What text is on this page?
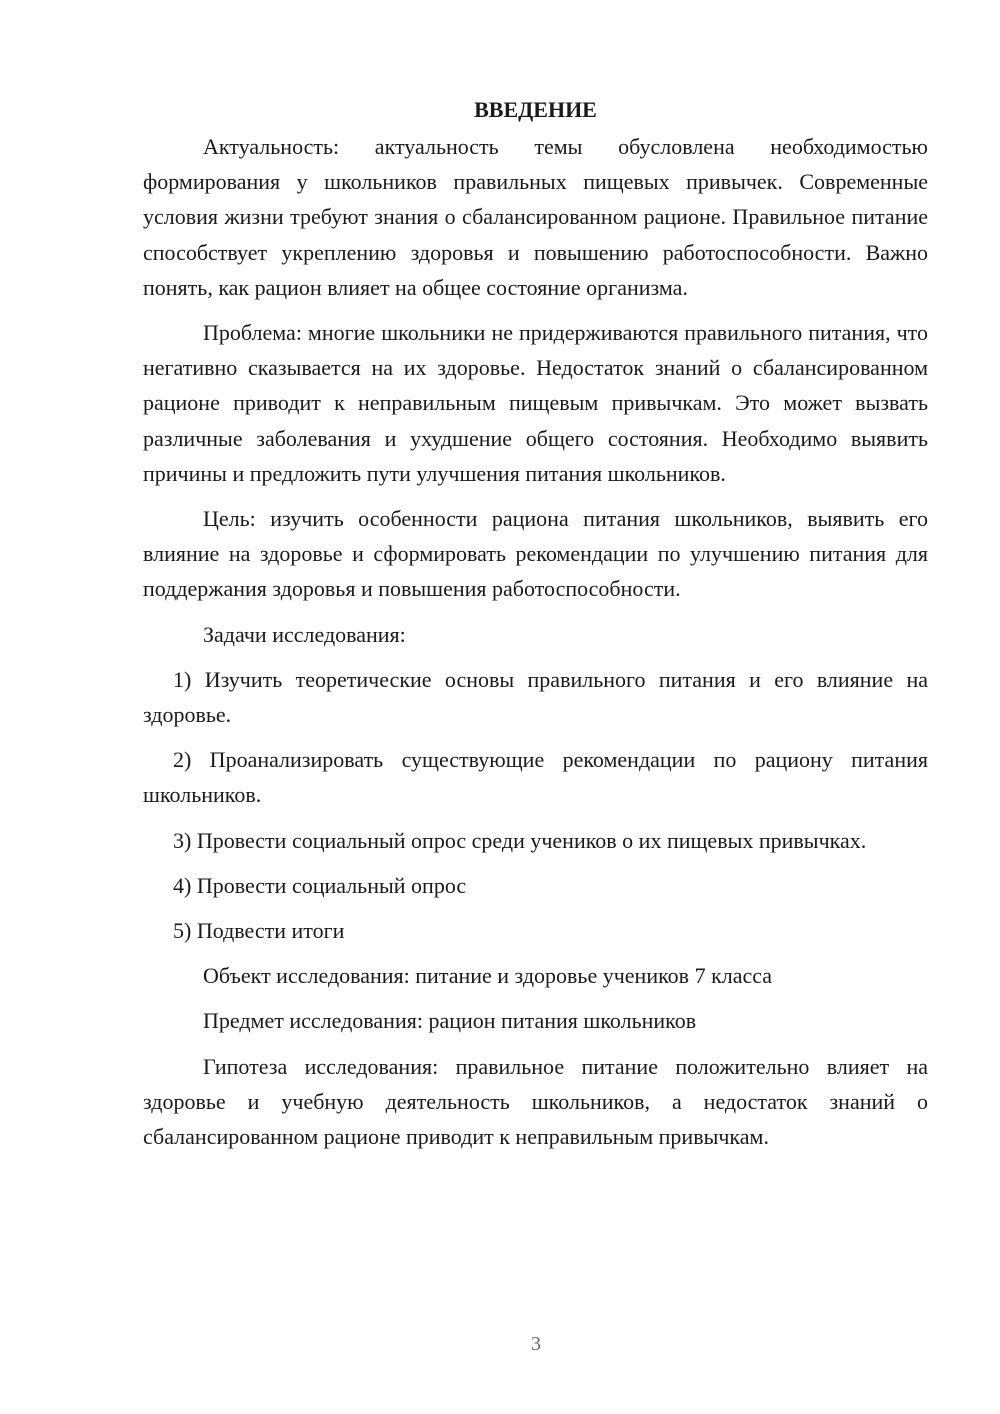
ВВЕДЕНИЕ

Актуальность: актуальность темы обусловлена необходимостью формирования у школьников правильных пищевых привычек. Современные условия жизни требуют знания о сбалансированном рационе. Правильное питание способствует укреплению здоровья и повышению работоспособности. Важно понять, как рацион влияет на общее состояние организма.

Проблема: многие школьники не придерживаются правильного питания, что негативно сказывается на их здоровье. Недостаток знаний о сбалансированном рационе приводит к неправильным пищевым привычкам. Это может вызвать различные заболевания и ухудшение общего состояния. Необходимо выявить причины и предложить пути улучшения питания школьников.

Цель: изучить особенности рациона питания школьников, выявить его влияние на здоровье и сформировать рекомендации по улучшению питания для поддержания здоровья и повышения работоспособности.

Задачи исследования:

1) Изучить теоретические основы правильного питания и его влияние на здоровье.

2) Проанализировать существующие рекомендации по рациону питания школьников.

3) Провести социальный опрос среди учеников о их пищевых привычках.

4) Провести социальный опрос

5) Подвести итоги

Объект исследования: питание и здоровье учеников 7 класса

Предмет исследования: рацион питания школьников

Гипотеза исследования: правильное питание положительно влияет на здоровье и учебную деятельность школьников, а недостаток знаний о сбалансированном рационе приводит к неправильным привычкам.

3
